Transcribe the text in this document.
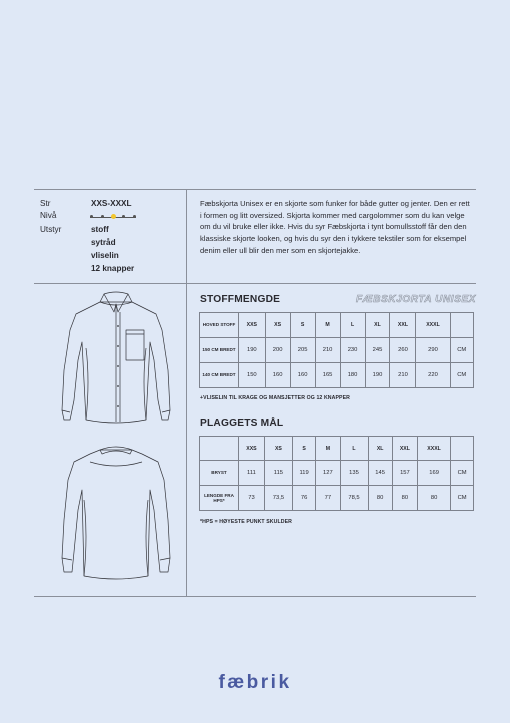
Str	XXS-XXXL
Nivå
Utstyr	stoff
sytråd
vliselin
12 knapper
Fæbskjorta Unisex er en skjorte som funker for både gutter og jenter. Den er rett i formen og litt oversized. Skjorta kommer med cargolommer som du kan velge om du vil bruke eller ikke. Hvis du syr Fæbskjorta i tynt bomullsstoff får den den klassiske skjorte looken, og hvis du syr den i tykkere tekstiler som for eksempel denim eller ull blir den mer som en skjortejakke.
STOFFMENGDE	FÆBSKJORTA UNISEX
HOVED STOFF	XXS	XS	S	M	L	XL	XXL	XXXL	
150 CM BREDT	190	200	205	210	230	245	260	290	CM
140 CM BREDT	150	160	160	165	180	190	210	220	CM
+VLISELIN TIL KRAGE OG MANSJETTER OG 12 KNAPPER
PLAGGETS MÅL
	XXS	XS	S	M	L	XL	XXL	XXXL	
BRYST	111	115	119	127	135	145	157	169	CM
LENGDE FRA HPS*	73	73,5	76	77	78,5	80	80	80	CM
*HPS = HØYESTE PUNKT SKULDER
fæbrik
